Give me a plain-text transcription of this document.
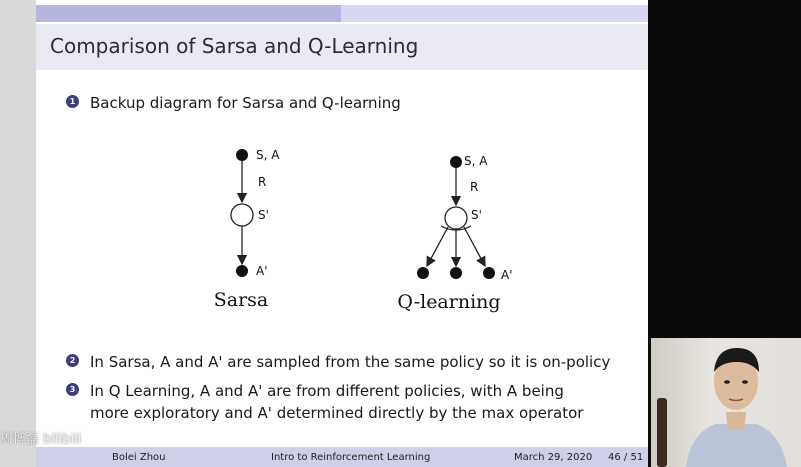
Comparison of Sarsa and Q-Learning
1 Backup diagram for Sarsa and Q-learning
S, A
R
S'
A'
Sarsa
S, A
R
S'
A'
Q-learning
2 In Sarsa, A and A' are sampled from the same policy so it is on-policy
3 In Q Learning, A and A' are from different policies, with A being
more exploratory and A' determined directly by the max operator
Bolei Zhou	Intro to Reinforcement Learning	March 29, 2020 46 / 51
周博磊 bilibili
